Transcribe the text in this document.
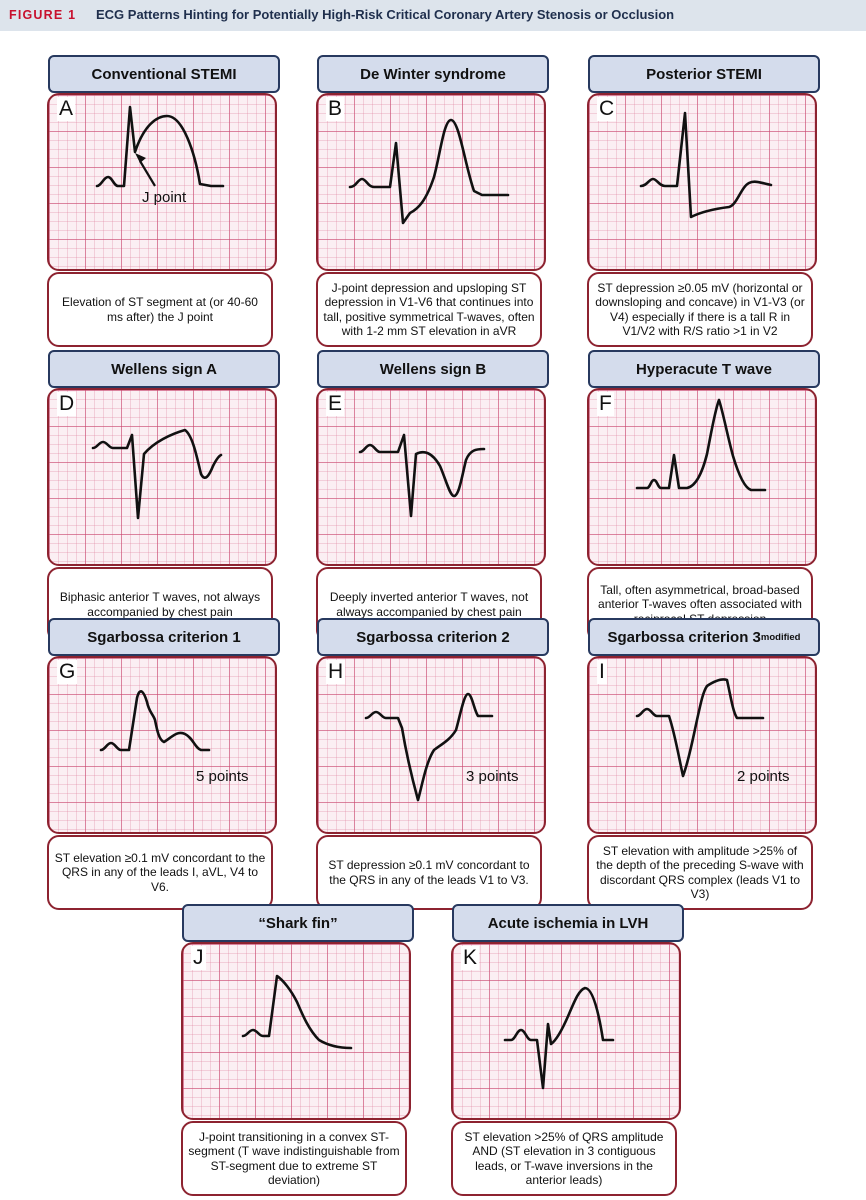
FIGURE 1 ECG Patterns Hinting for Potentially High-Risk Critical Coronary Artery Stenosis or Occlusion
Conventional STEMI
A
J point
Elevation of ST segment at (or 40-60 ms after) the J point
De Winter syndrome
B
J-point depression and upsloping ST depression in V1-V6 that continues into tall, positive symmetrical T-waves, often with 1-2 mm ST elevation in aVR
Posterior STEMI
C
ST depression ≥0.05 mV (horizontal or downsloping and concave) in V1-V3 (or V4) especially if there is a tall R in V1/V2 with R/S ratio >1 in V2
Wellens sign A
D
Biphasic anterior T waves, not always accompanied by chest pain
Wellens sign B
E
Deeply inverted anterior T waves, not always accompanied by chest pain
Hyperacute T wave
F
Tall, often asymmetrical, broad-based anterior T-waves often associated with
Sgarbossa criterion 1
G
5 points
ST elevation ≥0.1 mV concordant to the QRS in any of the leads I, aVL, V4 to V6.
Sgarbossa criterion 2
H
3 points
ST depression ≥0.1 mV concordant to the QRS in any of the leads V1 to V3.
Sgarbossa criterion 3 modified
I
2 points
ST elevation with amplitude >25% of the depth of the preceding S-wave with discordant QRS complex (leads V1 to V3)
“Shark fin”
J
J-point transitioning in a convex ST-segment (T wave indistinguishable from ST-segment due to extreme ST deviation)
Acute ischemia in LVH
K
ST elevation >25% of QRS amplitude AND (ST elevation in 3 contiguous leads, or T-wave inversions in the anterior leads)
